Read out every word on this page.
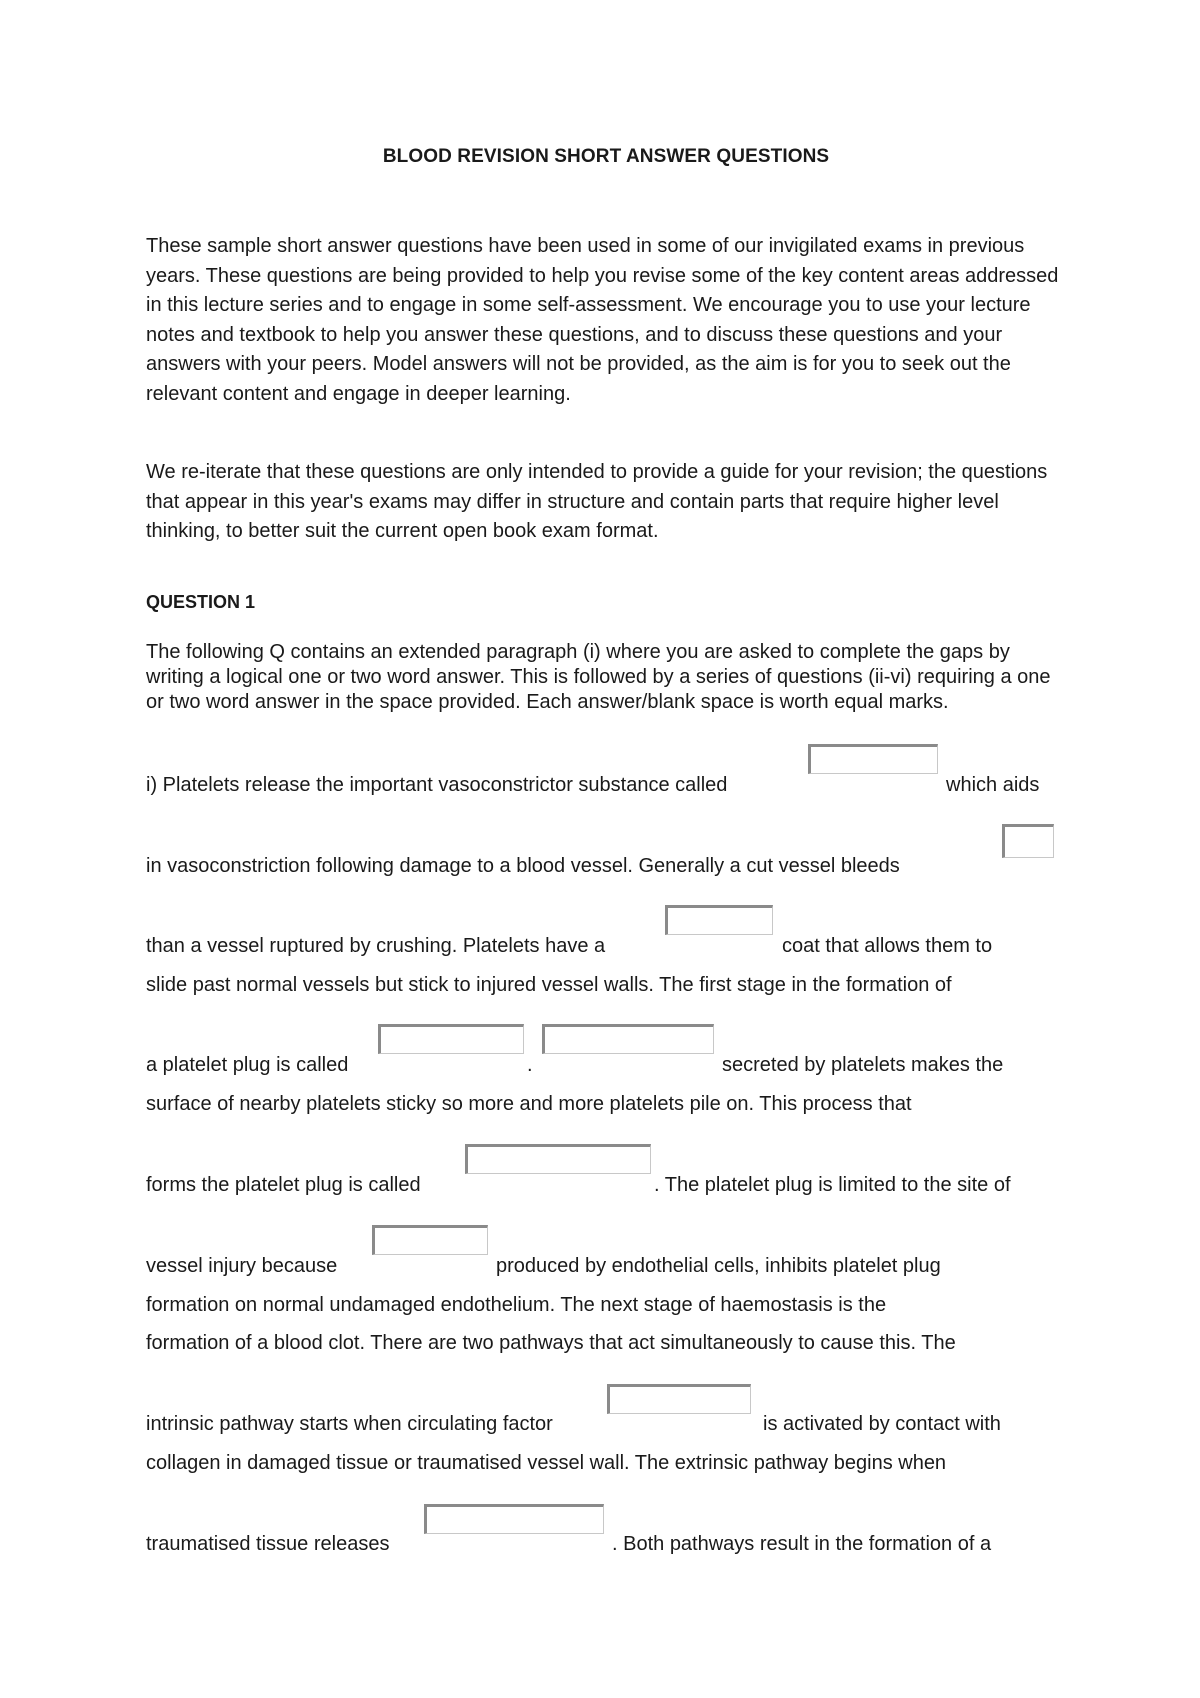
BLOOD REVISION SHORT ANSWER QUESTIONS
These sample short answer questions have been used in some of our invigilated exams in previous years. These questions are being provided to help you revise some of the key content areas addressed in this lecture series and to engage in some self-assessment. We encourage you to use your lecture notes and textbook to help you answer these questions, and to discuss these questions and your answers with your peers. Model answers will not be provided, as the aim is for you to seek out the relevant content and engage in deeper learning.
We re-iterate that these questions are only intended to provide a guide for your revision; the questions that appear in this year's exams may differ in structure and contain parts that require higher level thinking, to better suit the current open book exam format.
QUESTION 1
The following Q contains an extended paragraph (i) where you are asked to complete the gaps by writing a logical one or two word answer. This is followed by a series of questions (ii-vi) requiring a one or two word answer in the space provided. Each answer/blank space is worth equal marks.
i) Platelets release the important vasoconstrictor substance called	which aids
in vasoconstriction following damage to a blood vessel. Generally a cut vessel bleeds
than a vessel ruptured by crushing. Platelets have a	coat that allows them to
slide past normal vessels but stick to injured vessel walls. The first stage in the formation of
a platelet plug is called	.	secreted by platelets makes the
surface of nearby platelets sticky so more and more platelets pile on. This process that
forms the platelet plug is called	. The platelet plug is limited to the site of
vessel injury because	produced by endothelial cells, inhibits platelet plug
formation on normal undamaged endothelium. The next stage of haemostasis is the
formation of a blood clot. There are two pathways that act simultaneously to cause this. The
intrinsic pathway starts when circulating factor	is activated by contact with
collagen in damaged tissue or traumatised vessel wall. The extrinsic pathway begins when
traumatised tissue releases	. Both pathways result in the formation of a
